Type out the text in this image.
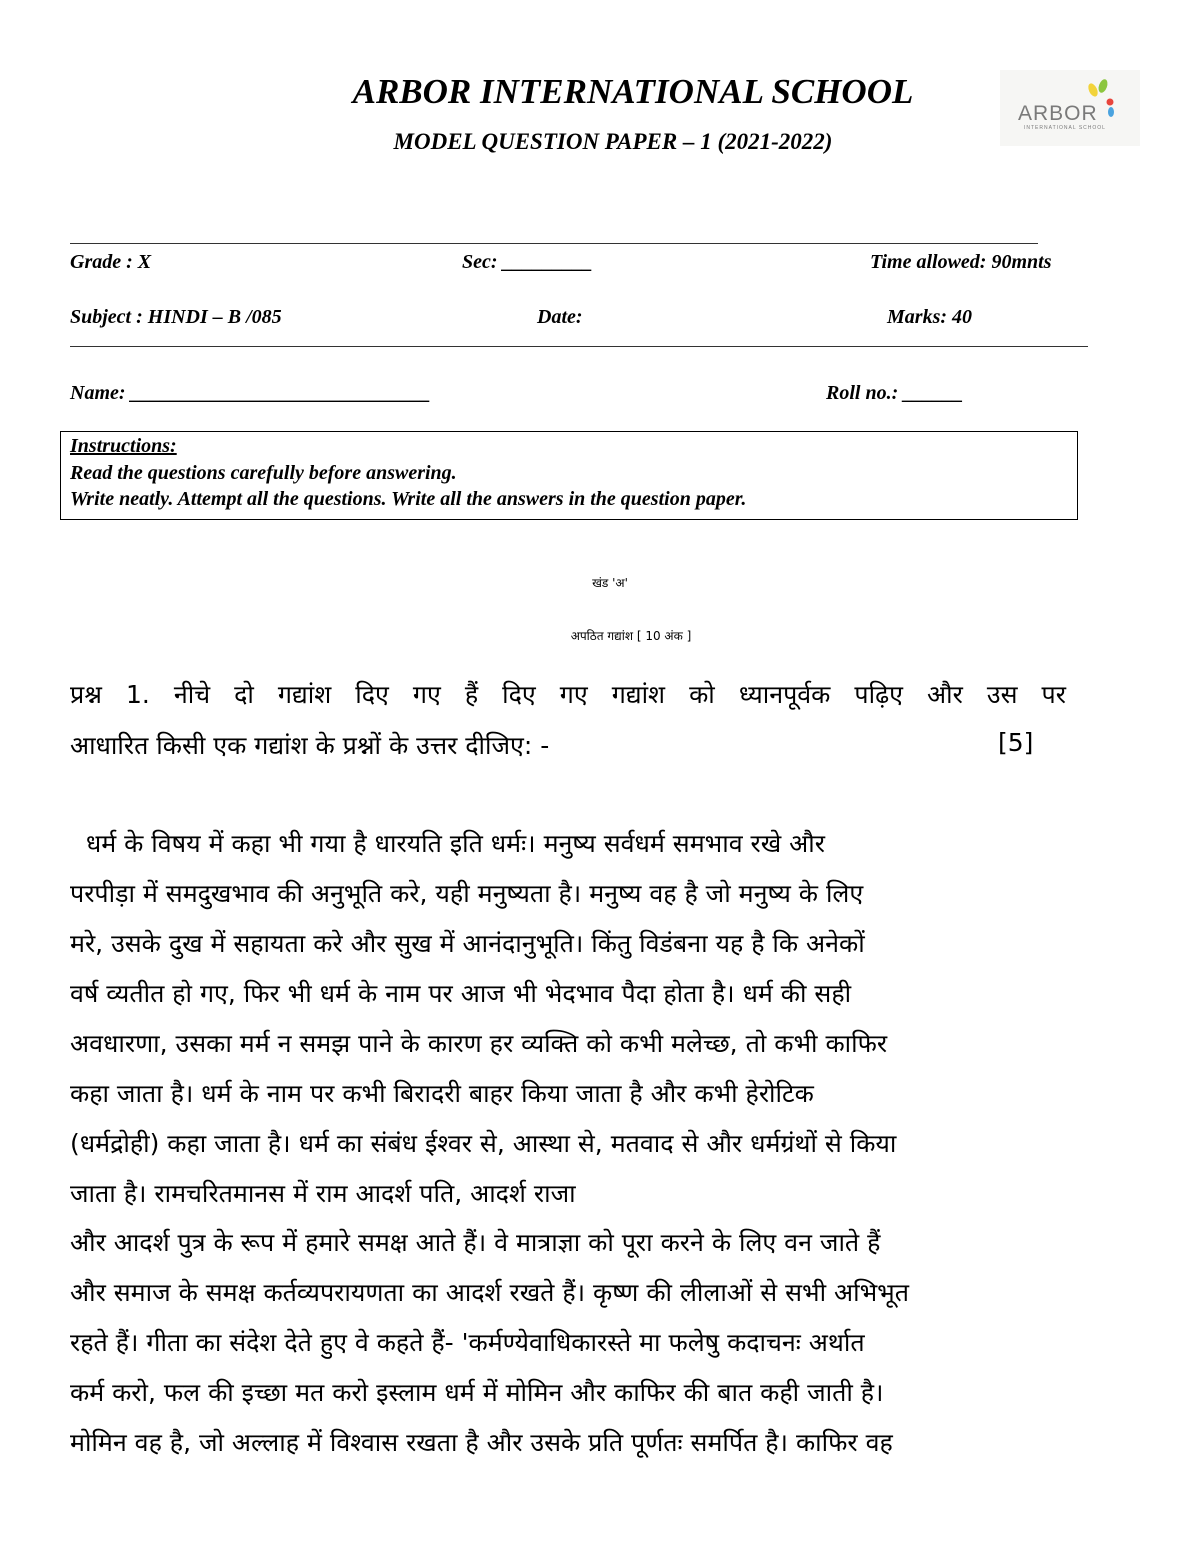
ARBOR INTERNATIONAL SCHOOL
MODEL QUESTION PAPER – 1 (2021-2022)
ARBOR
INTERNATIONAL SCHOOL
Grade : X	Sec: _________	Time allowed: 90mnts
Subject : HINDI – B /085	Date:	Marks: 40
Name: ______________________________	Roll no.: ______
Instructions:
Read the questions carefully before answering.
Write neatly. Attempt all the questions. Write all the answers in the question paper.
खंड 'अ'
अपठित गद्यांश [ 10 अंक ]
प्रश्न 1. नीचे दो गद्यांश दिए गए हैं दिए गए गद्यांश को ध्यानपूर्वक पढ़िए और उस पर
आधारित किसी एक गद्यांश के प्रश्नों के उत्तर दीजिए: -	[5]
धर्म के विषय में कहा भी गया है धारयति इति धर्मः। मनुष्य सर्वधर्म समभाव रखे और
परपीड़ा में समदुखभाव की अनुभूति करे, यही मनुष्यता है। मनुष्य वह है जो मनुष्य के लिए
मरे, उसके दुख में सहायता करे और सुख में आनंदानुभूति। किंतु विडंबना यह है कि अनेकों
वर्ष व्यतीत हो गए, फिर भी धर्म के नाम पर आज भी भेदभाव पैदा होता है। धर्म की सही
अवधारणा, उसका मर्म न समझ पाने के कारण हर व्यक्ति को कभी मलेच्छ, तो कभी काफिर
कहा जाता है। धर्म के नाम पर कभी बिरादरी बाहर किया जाता है और कभी हेरोटिक
(धर्मद्रोही) कहा जाता है। धर्म का संबंध ईश्वर से, आस्था से, मतवाद से और धर्मग्रंथों से किया
जाता है। रामचरितमानस में राम आदर्श पति, आदर्श राजा
और आदर्श पुत्र के रूप में हमारे समक्ष आते हैं। वे मात्राज्ञा को पूरा करने के लिए वन जाते हैं
और समाज के समक्ष कर्तव्यपरायणता का आदर्श रखते हैं। कृष्ण की लीलाओं से सभी अभिभूत
रहते हैं। गीता का संदेश देते हुए वे कहते हैं- 'कर्मण्येवाधिकारस्ते मा फलेषु कदाचनः अर्थात
कर्म करो, फल की इच्छा मत करो इस्लाम धर्म में मोमिन और काफिर की बात कही जाती है।
मोमिन वह है, जो अल्लाह में विश्वास रखता है और उसके प्रति पूर्णतः समर्पित है। काफिर वह
